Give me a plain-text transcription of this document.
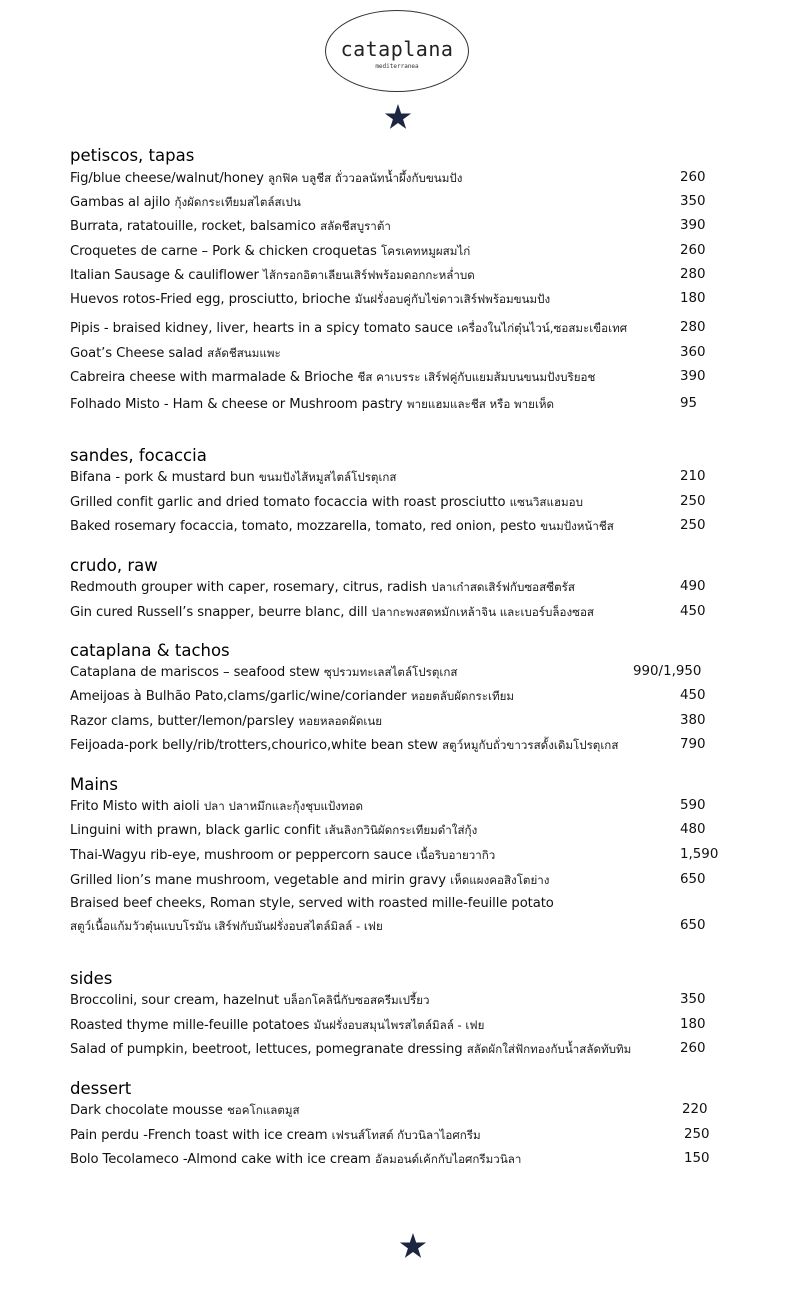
cataplana
mediterranea
petiscos, tapas
Fig/blue cheese/walnut/honey ลูกฟิค บลูชีส ถั่ววอลนัทน้ำผึ้งกับขนมปัง	260
Gambas al ajilo กุ้งผัดกระเทียมสไตล์สเปน	350
Burrata, ratatouille, rocket, balsamico สลัดชีสบูราต้า	390
Croquetes de carne – Pork & chicken croquetas โครเคทหมูผสมไก่	260
Italian Sausage & cauliflower ไส้กรอกอิตาเลียนเสิร์ฟพร้อมดอกกะหล่ำบด	280
Huevos rotos-Fried egg, prosciutto, brioche มันฝรั่งอบคู่กับไข่ดาวเสิร์ฟพร้อมขนมปัง	180
Pipis - braised kidney, liver, hearts in a spicy tomato sauce เครื่องในไก่ตุ๋นไวน์,ซอสมะเขือเทศ	280
Goat’s Cheese salad สลัดชีสนมแพะ	360
Cabreira cheese with marmalade & Brioche ชีส คาเบรระ เสิร์ฟคู่กับแยมส้มบนขนมปังบริยอช	390
Folhado Misto - Ham & cheese or Mushroom pastry พายแฮมและชีส หรือ พายเห็ด	95
sandes, focaccia
Bifana - pork & mustard bun ขนมปังไส้หมูสไตล์โปรตุเกส	210
Grilled confit garlic and dried tomato focaccia with roast prosciutto แซนวิสแฮมอบ	250
Baked rosemary focaccia, tomato, mozzarella, tomato, red onion, pesto ขนมปังหน้าชีส	250
crudo, raw
Redmouth grouper with caper, rosemary, citrus, radish ปลาเก๋าสดเสิร์ฟกับซอสซีตรัส	490
Gin cured Russell’s snapper, beurre blanc, dill ปลากะพงสดหมักเหล้าจิน และเบอร์บล็องซอส	450
cataplana & tachos
Cataplana de mariscos – seafood stew ซุปรวมทะเลสไตล์โปรตุเกส	990/1,950
Ameijoas à Bulhão Pato,clams/garlic/wine/coriander หอยตลับผัดกระเทียม	450
Razor clams, butter/lemon/parsley หอยหลอดผัดเนย	380
Feijoada-pork belly/rib/trotters,chourico,white bean stew สตูว์หมูกับถั่วขาวรสดั้งเดิมโปรตุเกส	790
Mains
Frito Misto with aioli ปลา ปลาหมึกและกุ้งชุบแป้งทอด	590
Linguini with prawn, black garlic confit เส้นลิงกวินิผัดกระเทียมดำใส่กุ้ง	480
Thai-Wagyu rib-eye, mushroom or peppercorn sauce เนื้อริบอายวากิว	1,590
Grilled lion’s mane mushroom, vegetable and mirin gravy เห็ดแผงคอสิงโตย่าง	650
Braised beef cheeks, Roman style, served with roasted mille-feuille potato
สตูว์เนื้อแก้มวัวตุ๋นแบบโรมัน เสิร์ฟกับมันฝรั่งอบสไตล์มิลล์ - เฟย	650
sides
Broccolini, sour cream, hazelnut บล็อกโคลินี่กับซอสครีมเปรี้ยว	350
Roasted thyme mille-feuille potatoes มันฝรั่งอบสมุนไพรสไตล์มิลล์ - เฟย	180
Salad of pumpkin, beetroot, lettuces, pomegranate dressing สลัดผักใส่ฟักทองกับน้ำสลัดทับทิม	260
dessert
Dark chocolate mousse ชอคโกแลตมูส	220
Pain perdu -French toast with ice cream เฟรนส์โทสต์ กับวนิลาไอศกรีม	250
Bolo Tecolameco -Almond cake with ice cream อัลมอนด์เค้กกับไอศกรีมวนิลา	150
